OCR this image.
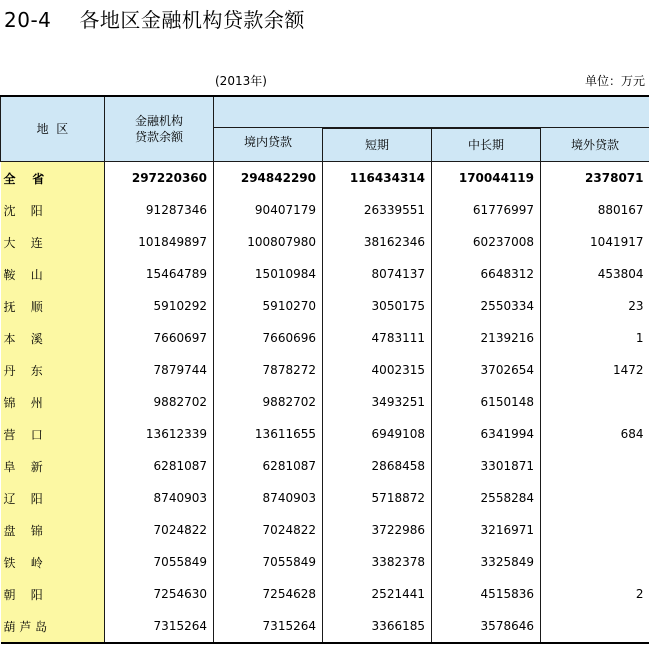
20-4 各地区金融机构贷款余额
(2013年)	单位：万元
地  区	金融机构
贷款余额				

		境内贷款			境外贷款
			短期	中长期	
全    省	297220360	294842290	116434314	170044119	2378071
沈    阳	91287346	90407179	26339551	61776997	880167
大    连	101849897	100807980	38162346	60237008	1041917
鞍    山	15464789	15010984	8074137	6648312	453804
抚    顺	5910292	5910270	3050175	2550334	23
本    溪	7660697	7660696	4783111	2139216	1
丹    东	7879744	7878272	4002315	3702654	1472
锦    州	9882702	9882702	3493251	6150148	
营    口	13612339	13611655	6949108	6341994	684
阜    新	6281087	6281087	2868458	3301871	
辽    阳	8740903	8740903	5718872	2558284	
盘    锦	7024822	7024822	3722986	3216971	
铁    岭	7055849	7055849	3382378	3325849	
朝    阳	7254630	7254628	2521441	4515836	2
葫 芦 岛	7315264	7315264	3366185	3578646	
